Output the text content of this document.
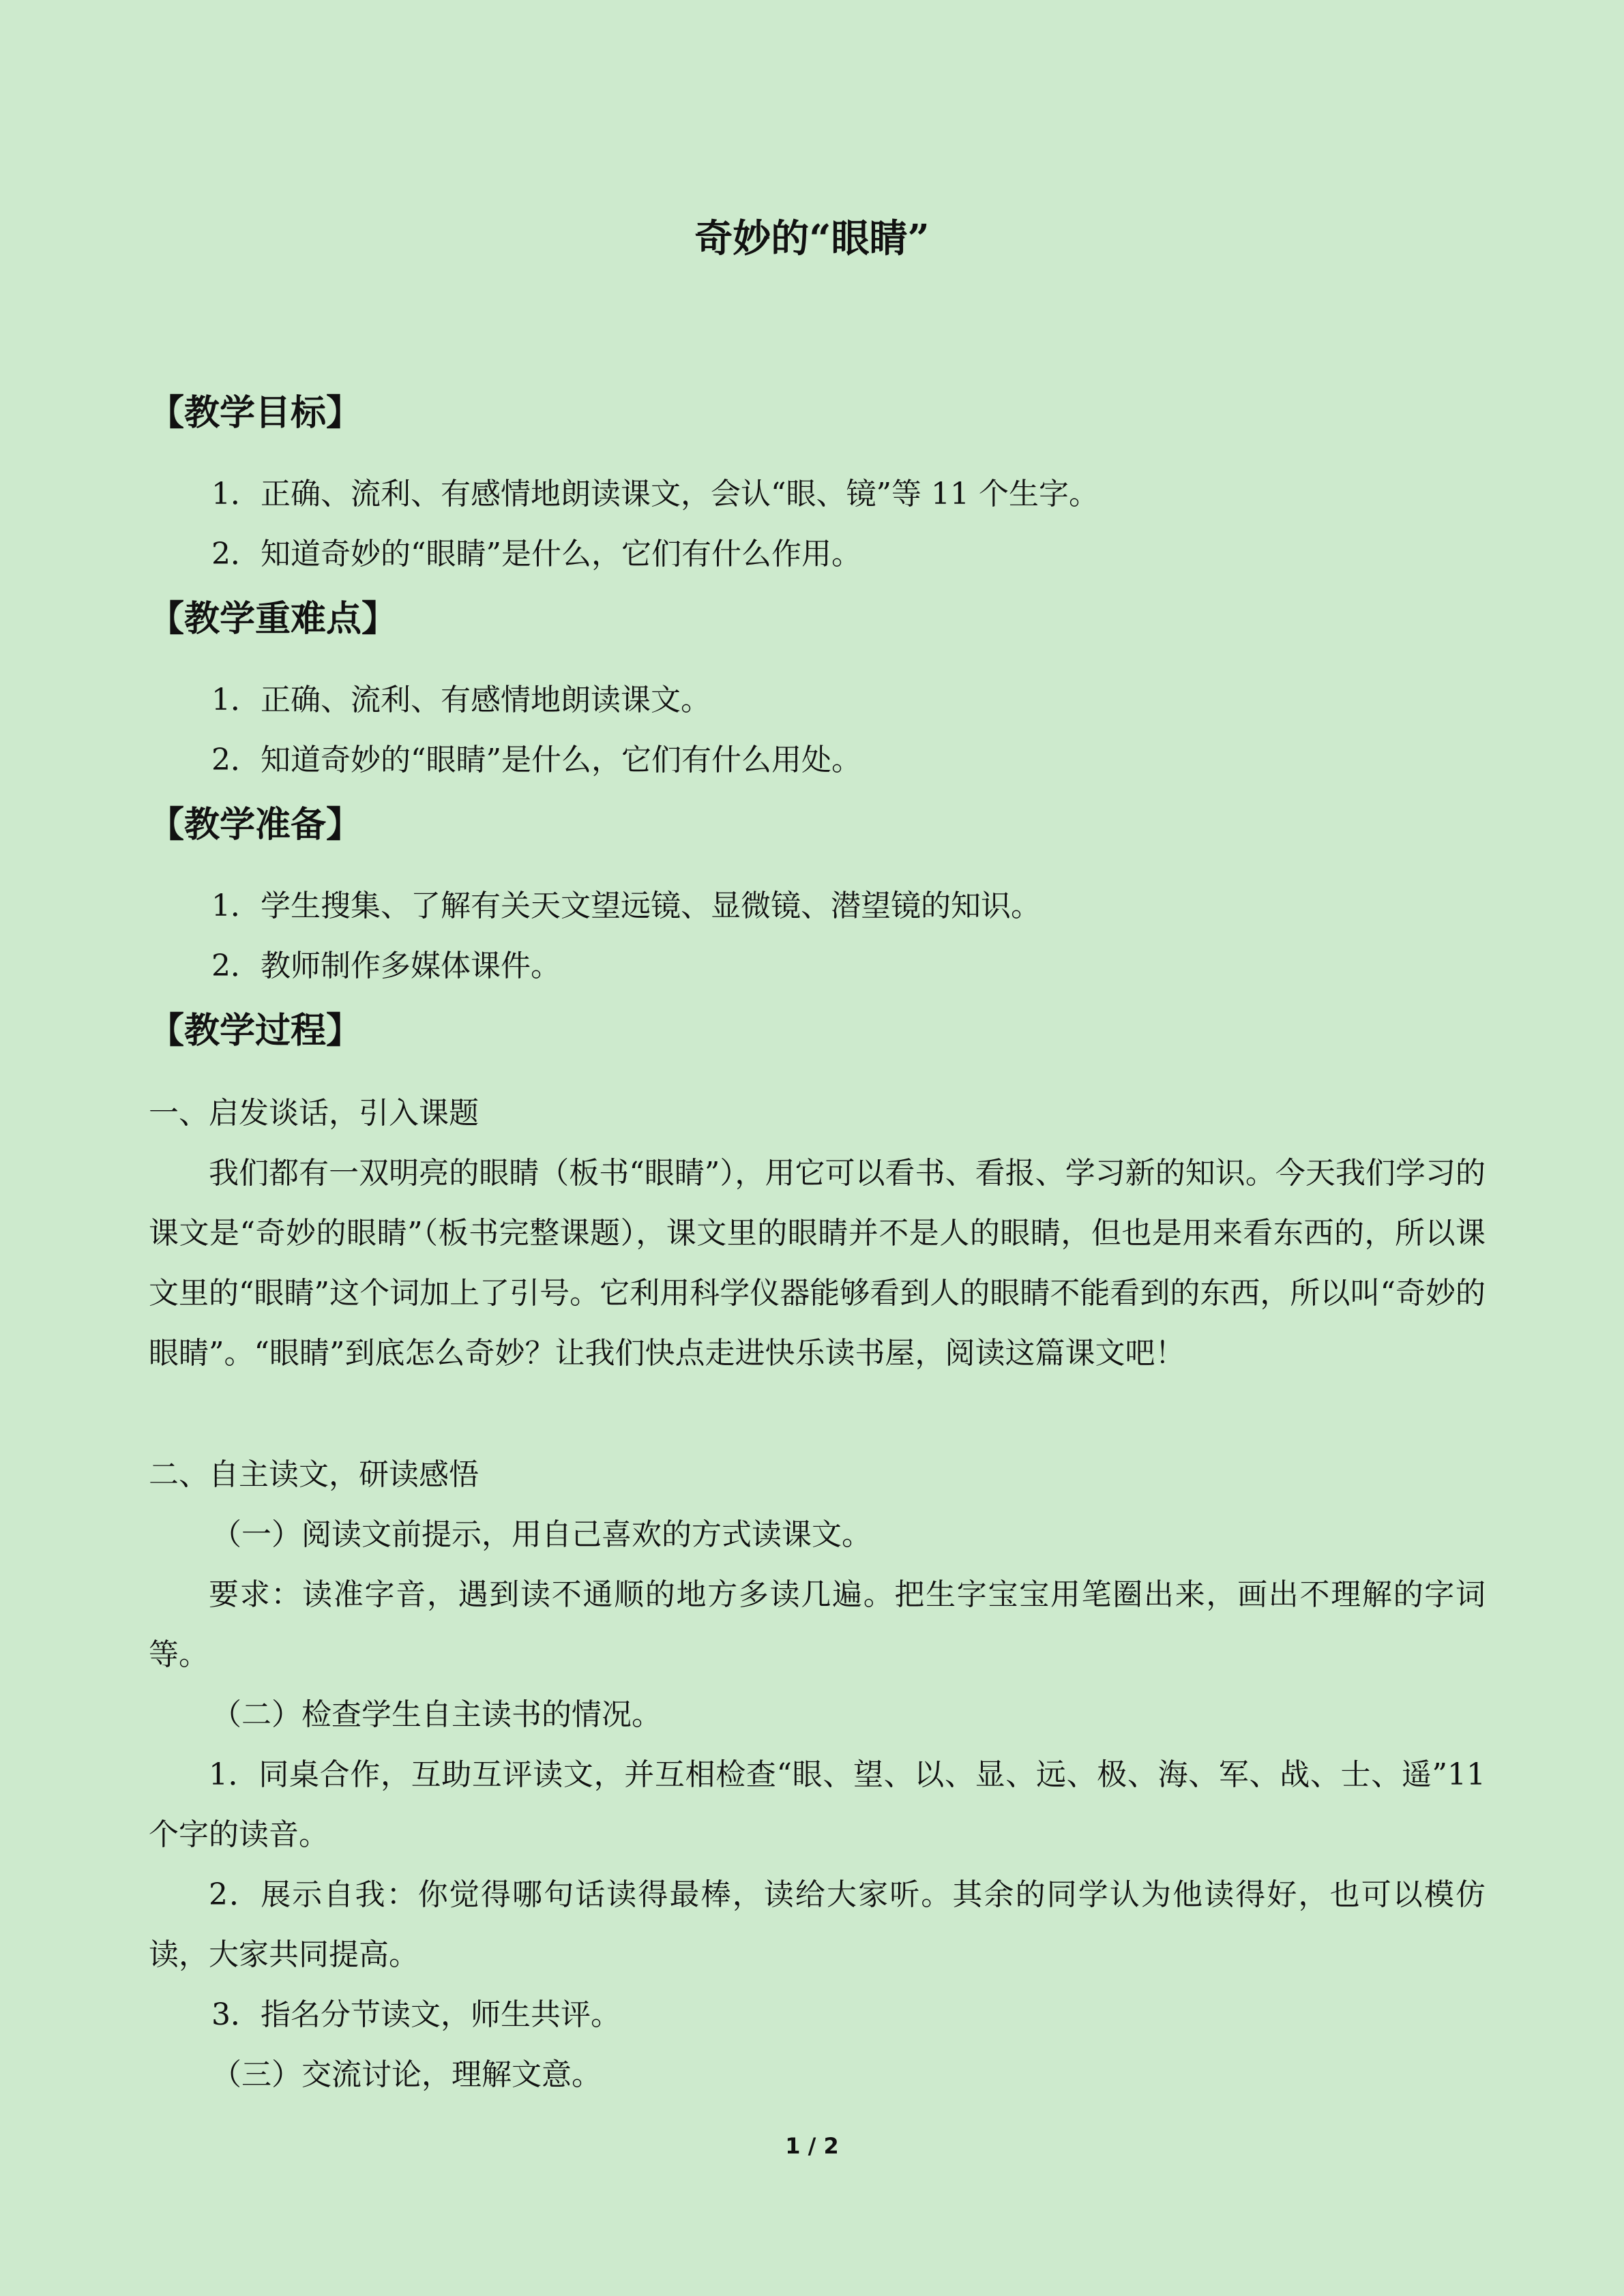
奇妙的“眼睛”
【教学目标】
1．正确、流利、有感情地朗读课文，会认“眼、镜”等 11 个生字。
2．知道奇妙的“眼睛”是什么，它们有什么作用。
【教学重难点】
1．正确、流利、有感情地朗读课文。
2．知道奇妙的“眼睛”是什么，它们有什么用处。
【教学准备】
1．学生搜集、了解有关天文望远镜、显微镜、潜望镜的知识。
2．教师制作多媒体课件。
【教学过程】
一、启发谈话，引入课题

我们都有一双明亮的眼睛（板书“眼睛”），用它可以看书、看报、学习新的知识。今天我们学习的课文是“奇妙的眼睛”（板书完整课题），课文里的眼睛并不是人的眼睛，但也是用来看东西的，所以课文里的“眼睛”这个词加上了引号。它利用科学仪器能够看到人的眼睛不能看到的东西，所以叫“奇妙的眼睛”。“眼睛”到底怎么奇妙？让我们快点走进快乐读书屋，阅读这篇课文吧！

二、自主读文，研读感悟
（一）阅读文前提示，用自己喜欢的方式读课文。

要求：读准字音，遇到读不通顺的地方多读几遍。把生字宝宝用笔圈出来，画出不理解的字词等。

（二）检查学生自主读书的情况。

1．同桌合作，互助互评读文，并互相检查“眼、望、以、显、远、极、海、军、战、士、遥”11 个字的读音。

2．展示自我：你觉得哪句话读得最棒，读给大家听。其余的同学认为他读得好，也可以模仿读，大家共同提高。

3．指名分节读文，师生共评。
（三）交流讨论，理解文意。
1 / 2
